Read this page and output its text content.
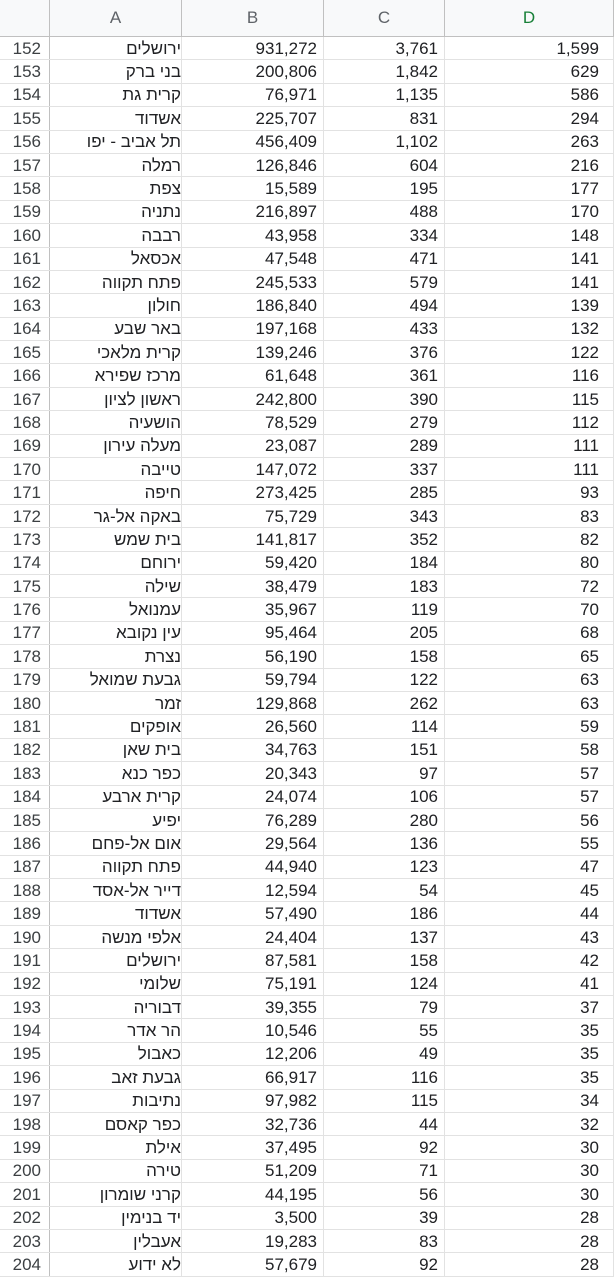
A	B	C	D
152	ירושלים	931,272	3,761	1,599
153	בני ברק	200,806	1,842	629
154	קרית גת	76,971	1,135	586
155	אשדוד	225,707	831	294
156	תל אביב - יפו	456,409	1,102	263
157	רמלה	126,846	604	216
158	צפת	15,589	195	177
159	נתניה	216,897	488	170
160	רבבה	43,958	334	148
161	אכסאל	47,548	471	141
162	פתח תקווה	245,533	579	141
163	חולון	186,840	494	139
164	באר שבע	197,168	433	132
165	קרית מלאכי	139,246	376	122
166	מרכז שפירא	61,648	361	116
167	ראשון לציון	242,800	390	115
168	הושעיה	78,529	279	112
169	מעלה עירון	23,087	289	111
170	טייבה	147,072	337	111
171	חיפה	273,425	285	93
172	באקה אל-גר	75,729	343	83
173	בית שמש	141,817	352	82
174	ירוחם	59,420	184	80
175	שילה	38,479	183	72
176	עמנואל	35,967	119	70
177	עין נקובא	95,464	205	68
178	נצרת	56,190	158	65
179	גבעת שמואל	59,794	122	63
180	זמר	129,868	262	63
181	אופקים	26,560	114	59
182	בית שאן	34,763	151	58
183	כפר כנא	20,343	97	57
184	קרית ארבע	24,074	106	57
185	יפיע	76,289	280	56
186	אום אל-פחם	29,564	136	55
187	פתח תקווה	44,940	123	47
188	דייר אל-אסד	12,594	54	45
189	אשדוד	57,490	186	44
190	אלפי מנשה	24,404	137	43
191	ירושלים	87,581	158	42
192	שלומי	75,191	124	41
193	דבוריה	39,355	79	37
194	הר אדר	10,546	55	35
195	כאבול	12,206	49	35
196	גבעת זאב	66,917	116	35
197	נתיבות	97,982	115	34
198	כפר קאסם	32,736	44	32
199	אילת	37,495	92	30
200	טירה	51,209	71	30
201	קרני שומרון	44,195	56	30
202	יד בנימין	3,500	39	28
203	אעבלין	19,283	83	28
204	לא ידוע	57,679	92	28
